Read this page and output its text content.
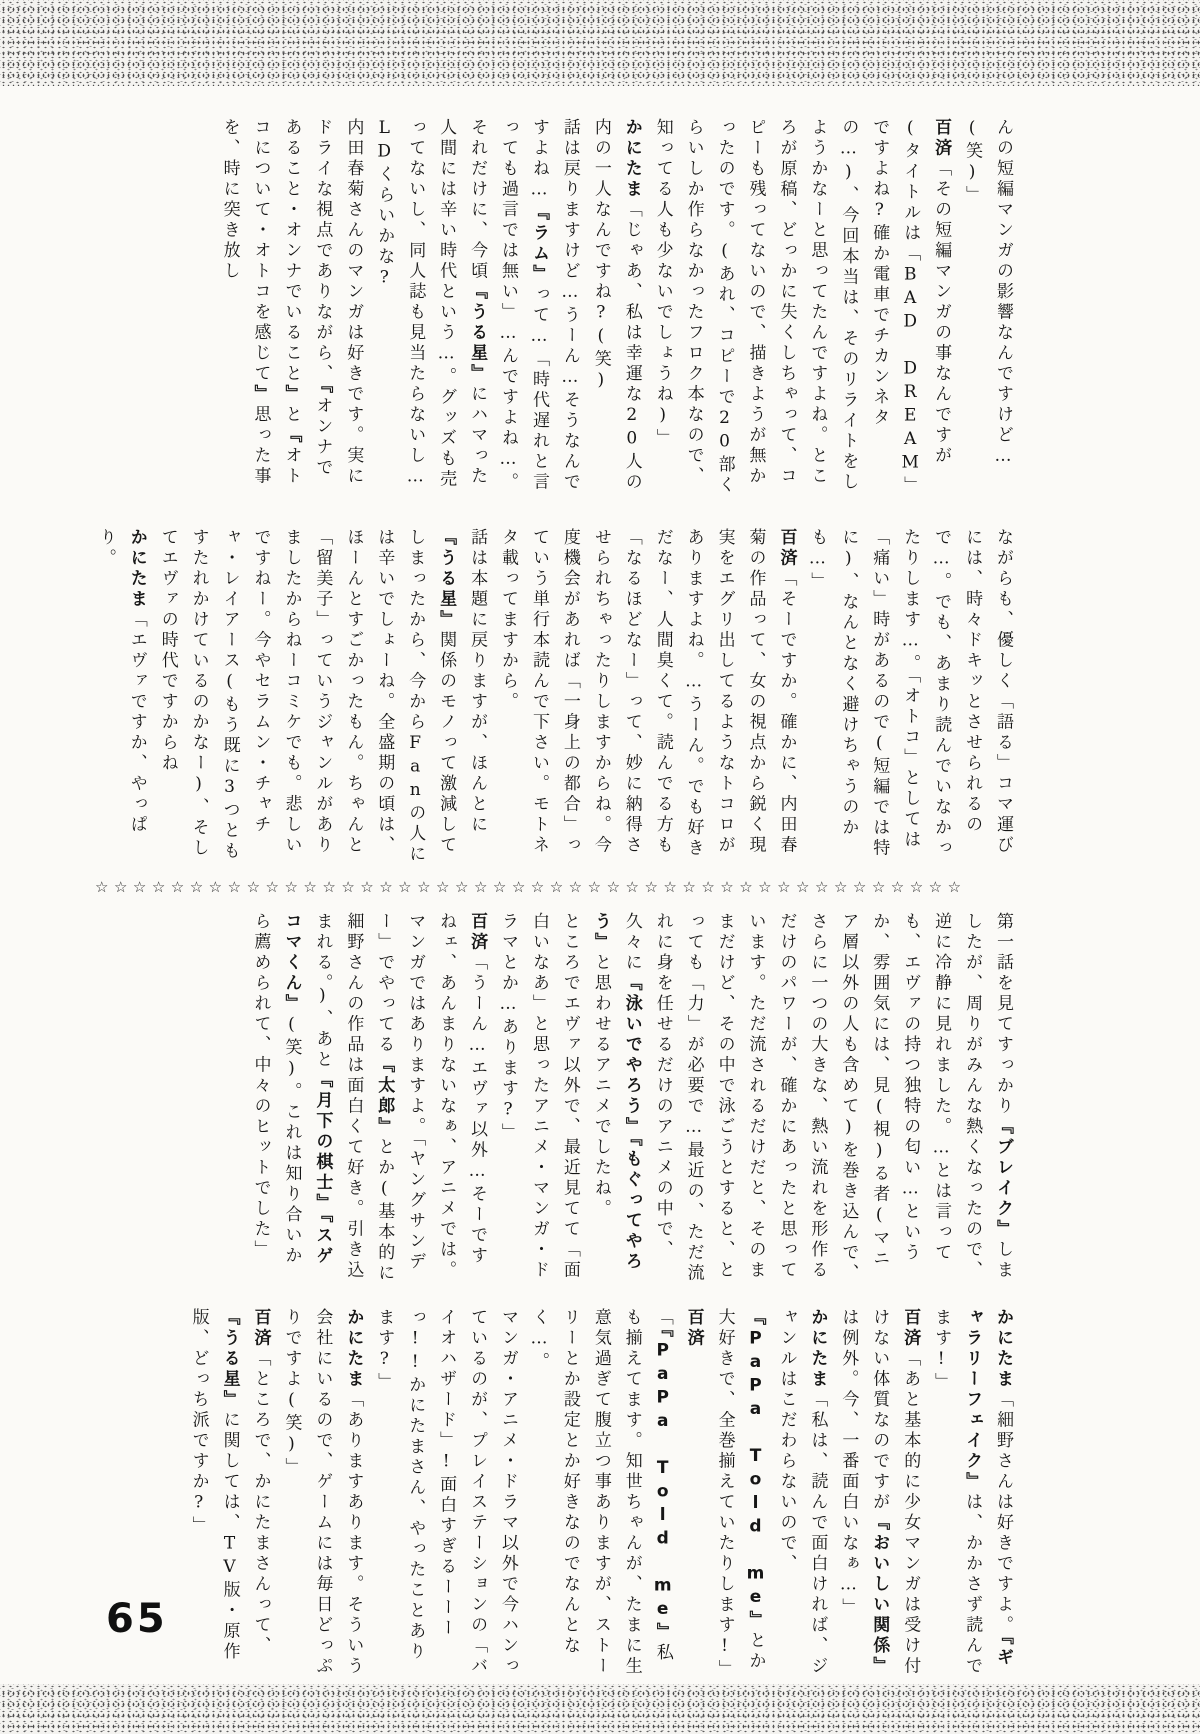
んの短編マンガの影響なんですけど…(笑)」

百済「その短編マンガの事なんですが(タイトルは「BAD DREAM」ですよね?確か電車でチカンネタの…)、今回本当は、そのリライトをしようかなーと思ってたんですよね。ところが原稿、どっかに失くしちゃって、コピーも残ってないので、描きようが無かったのです。(あれ、コピーで20部くらいしか作らなかったフロク本なので、知ってる人も少ないでしょうね)」

かにたま「じゃあ、私は幸運な20人の内の一人なんですね?(笑)

話は戻りますけど…うーん…そうなんですよね…『ラム』って…「時代遅れと言っても過言では無い」…んですよね…。それだけに、今頃『うる星』にハマった人間には辛い時代という…。グッズも売ってないし、同人誌も見当たらないし…LDくらいかな?

内田春菊さんのマンガは好きです。実にドライな視点でありながら、『オンナであること・オンナでいること』と『オトコについて・オトコを感じて』思った事を、時に突き放し

ながらも、優しく「語る」コマ運びには、時々ドキッとさせられるので…。でも、あまり読んでいなかったりします…。「オトコ」としては「痛い」時があるので(短編では特に)、なんとなく避けちゃうのかも…」

百済「そーですか。確かに、内田春菊の作品って、女の視点から鋭く現実をエグリ出してるようなトコロがありますよね。…うーん。でも好きだなー、人間臭くて。読んでる方も「なるほどなー」って、妙に納得させられちゃったりしますからね。今度機会があれば「一身上の都合」っていう単行本読んで下さい。モトネタ載ってますから。

話は本題に戻りますが、ほんとに『うる星』関係のモノって激減してしまったから、今からFanの人には辛いでしょーね。全盛期の頃は、ほーんとすごかったもん。ちゃんと「留美子」っていうジャンルがありましたからねーコミケでも。悲しいですねー。今やセラムン・チャチャ・レイアース(もう既に3つともすたれかけているのかなー)、そしてエヴァの時代ですからね

かにたま「エヴァですか、やっぱり。

☆☆☆☆☆☆☆☆☆☆☆☆☆☆☆☆☆☆☆☆☆☆☆☆☆☆☆☆☆☆☆☆☆☆☆☆☆☆☆☆☆☆☆☆☆☆

第一話を見てすっかり『ブレイク』しましたが、周りがみんな熱くなったので、逆に冷静に見れました。…とは言っても、エヴァの持つ独特の匂い…というか、雰囲気には、見(視)る者(マニア層以外の人も含めて)を巻き込んで、さらに一つの大きな、熱い流れを形作るだけのパワーが、確かにあったと思っています。ただ流されるだけだと、そのままだけど、その中で泳ごうとすると、とっても「力」が必要で…最近の、ただ流れに身を任せるだけのアニメの中で、久々に『泳いでやろう』『もぐってやろう』と思わせるアニメでしたね。

ところでエヴァ以外で、最近見てて「面白いなあ」と思ったアニメ・マンガ・ドラマとか…あります?」

百済「うーん…エヴァ以外…そーですねェ、あんまりないなぁ、アニメでは。マンガではありますよ。「ヤングサンデー」でやってる『太郎』とか(基本的に細野さんの作品は面白くて好き。引き込まれる。)、あと『月下の棋士』『スゲコマくん』(笑)。これは知り合いから薦められて、中々のヒットでした」

かにたま「細野さんは好きですよ。『ギャラリーフェイク』は、かかさず読んでます!」

百済「あと基本的に少女マンガは受け付けない体質なのですが『おいしい関係』は例外。今、一番面白いなぁ…」

かにたま「私は、読んで面白ければ、ジャンルはこだわらないので、『PaPa Told me』とか大好きで、全巻揃えていたりします!」

百済「『PaPa Told me』私も揃えてます。知世ちゃんが、たまに生意気過ぎて腹立つ事ありますが、ストーリーとか設定とか好きなのでなんとなく…。

マンガ・アニメ・ドラマ以外で今ハンっているのが、プレイステーションの「バイオハザード」!面白すぎるーーーっ!!かにたまさん、やったことあります?」

かにたま「ありますあります。そういう会社にいるので、ゲームには毎日どっぷりですよ(笑)」

百済「ところで、かにたまさんって、『うる星』に関しては、TV版・原作版、どっち派ですか?」

65
